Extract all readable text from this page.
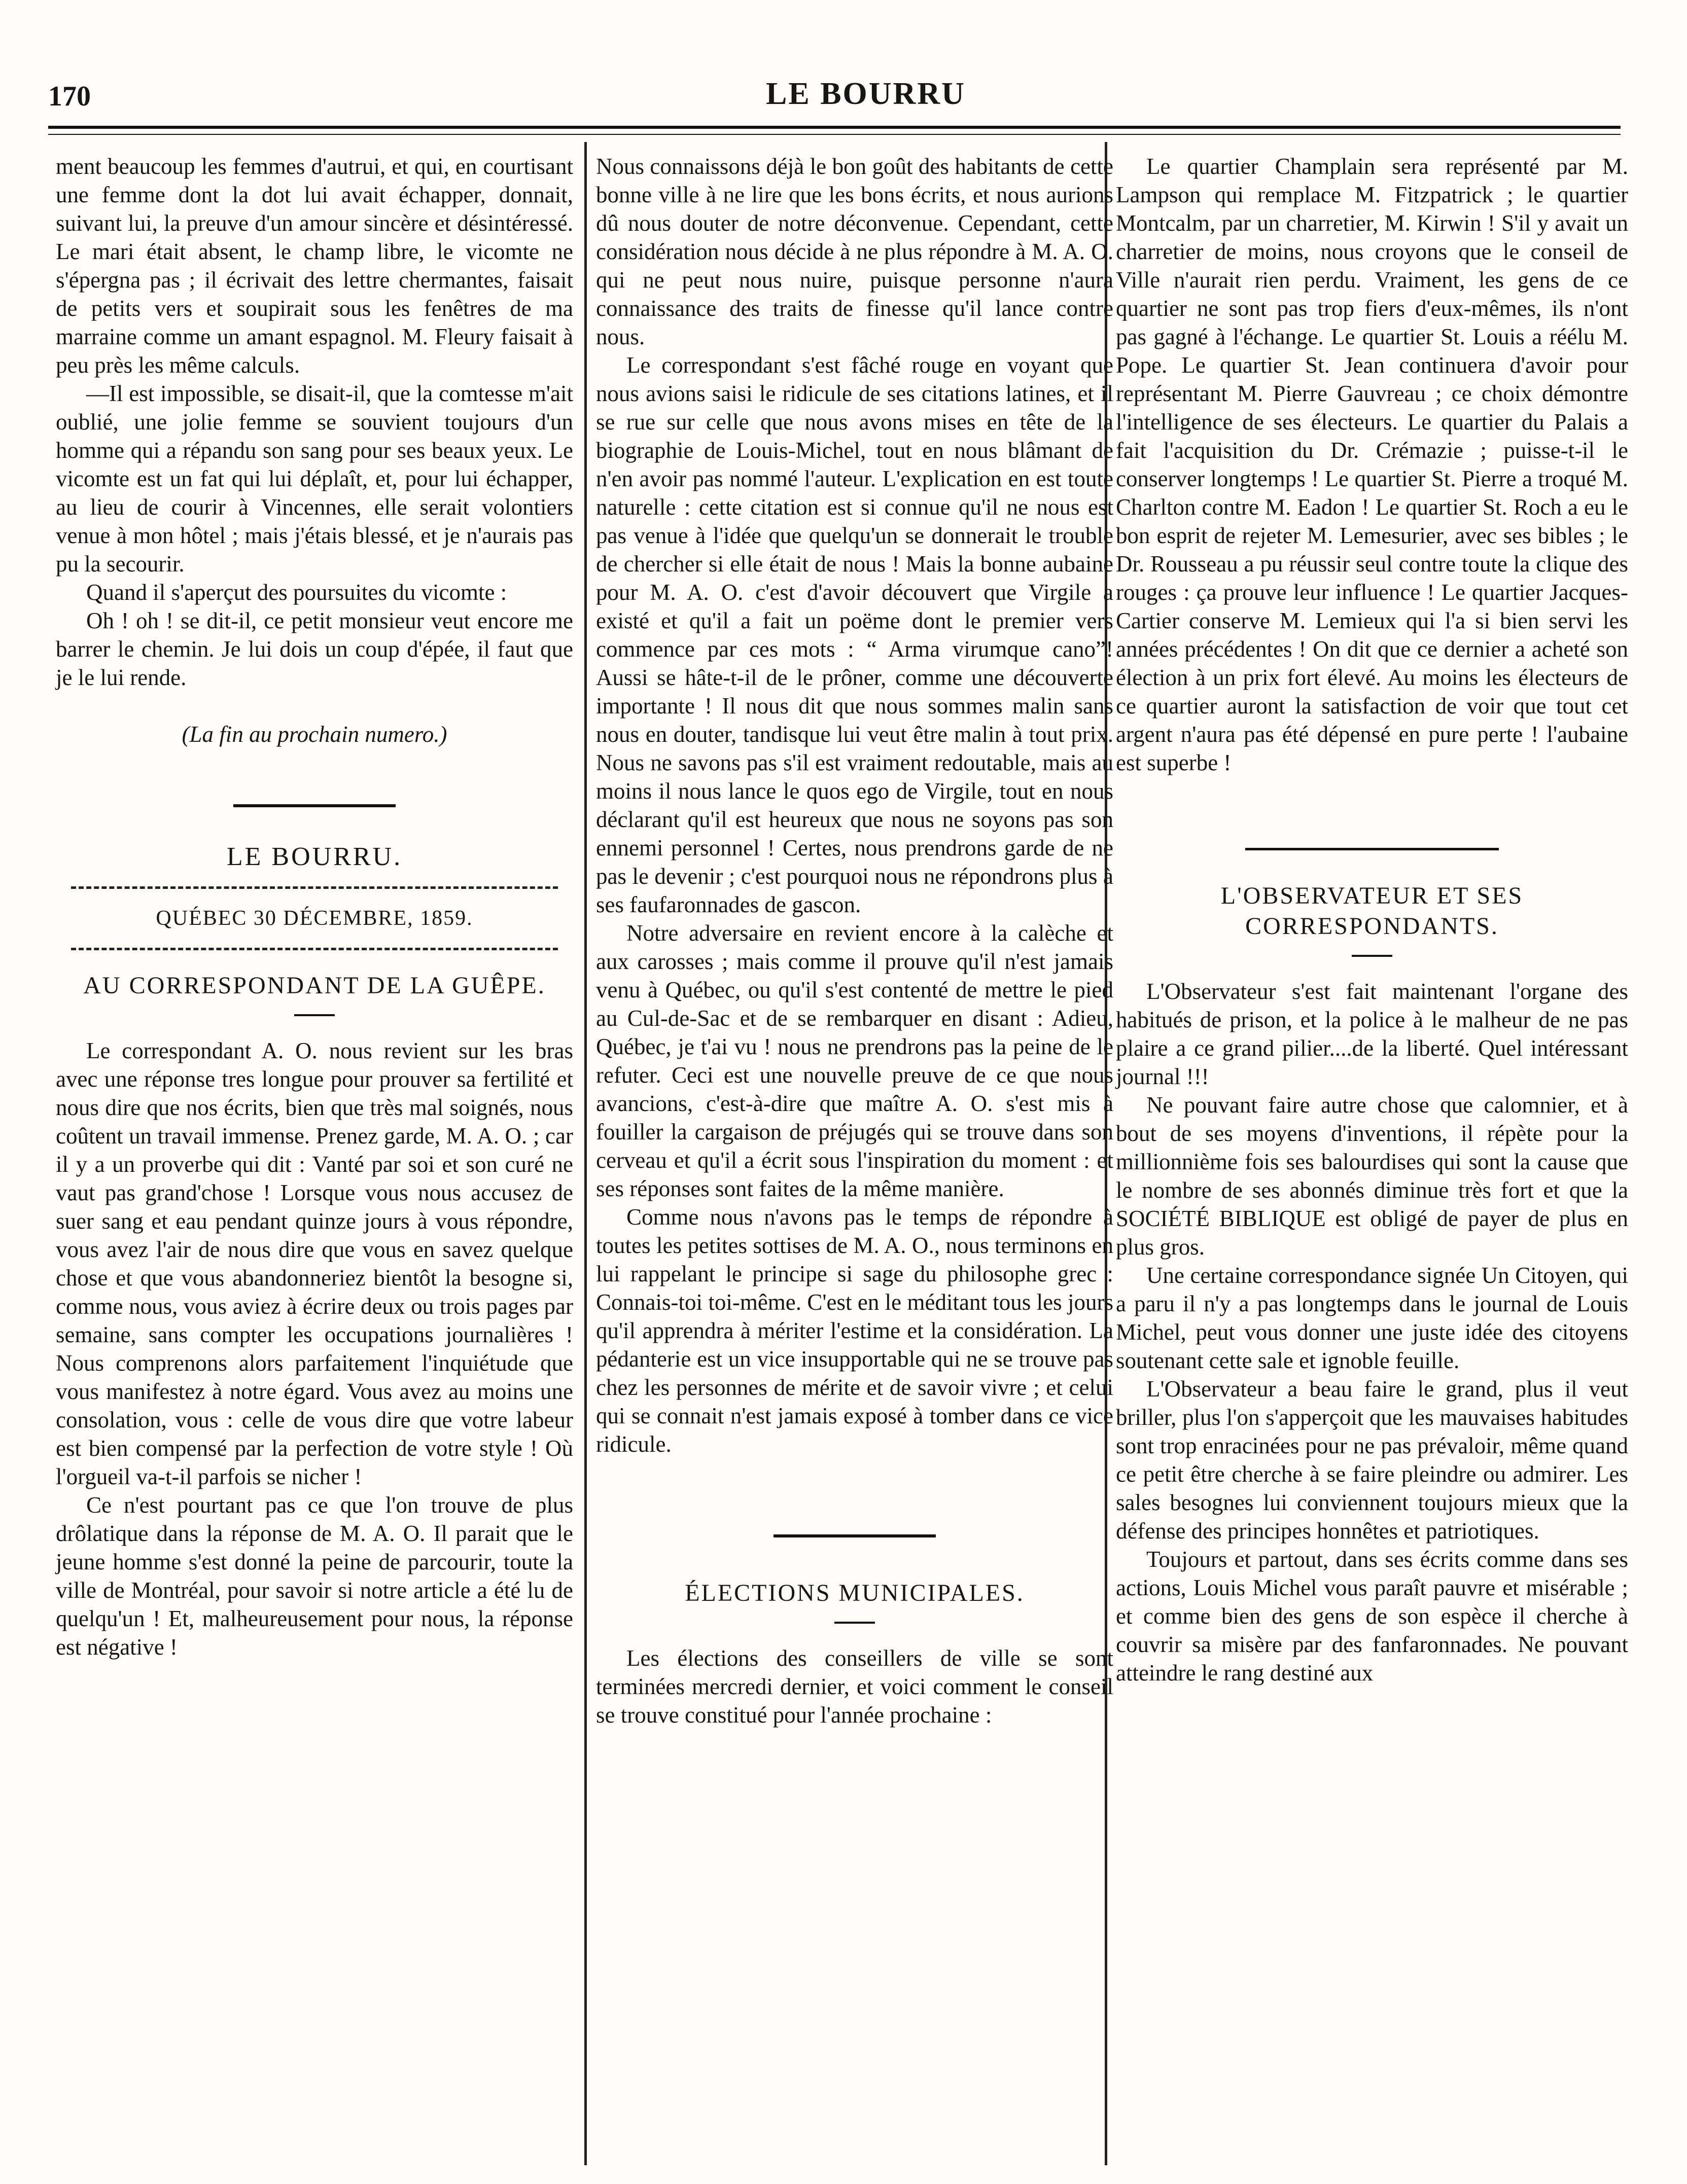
170	LE BOURRU

ment beaucoup les femmes d'autrui, et qui, en courtisant une femme dont la dot lui avait échapper, donnait, suivant lui, la preuve d'un amour sincère et désintéressé. Le mari était absent, le champ libre, le vicomte ne s'épergna pas ; il écrivait des lettre chermantes, faisait de petits vers et soupirait sous les fenêtres de ma marraine comme un amant espagnol. M. Fleury faisait à peu près les même calculs.

—Il est impossible, se disait-il, que la comtesse m'ait oublié, une jolie femme se souvient toujours d'un homme qui a répandu son sang pour ses beaux yeux. Le vicomte est un fat qui lui déplaît, et, pour lui échapper, au lieu de courir à Vincennes, elle serait volontiers venue à mon hôtel ; mais j'étais blessé, et je n'aurais pas pu la secourir.

Quand il s'aperçut des poursuites du vicomte :

Oh ! oh ! se dit-il, ce petit monsieur veut encore me barrer le chemin. Je lui dois un coup d'épée, il faut que je le lui rende.

(La fin au prochain numero.)

LE BOURRU.
QUÉBEC 30 DÉCEMBRE, 1859.
AU CORRESPONDANT DE LA GUÊPE.

Le correspondant A. O. nous revient sur les bras avec une réponse tres longue pour prouver sa fertilité et nous dire que nos écrits, bien que très mal soignés, nous coûtent un travail immense. Prenez garde, M. A. O. ; car il y a un proverbe qui dit : Vanté par soi et son curé ne vaut pas grand'chose ! Lorsque vous nous accusez de suer sang et eau pendant quinze jours à vous répondre, vous avez l'air de nous dire que vous en savez quelque chose et que vous abandonneriez bientôt la besogne si, comme nous, vous aviez à écrire deux ou trois pages par semaine, sans compter les occupations journalières ! Nous comprenons alors parfaitement l'inquiétude que vous manifestez à notre égard. Vous avez au moins une consolation, vous : celle de vous dire que votre labeur est bien compensé par la perfection de votre style ! Où l'orgueil va-t-il parfois se nicher !

Ce n'est pourtant pas ce que l'on trouve de plus drôlatique dans la réponse de M. A. O. Il parait que le jeune homme s'est donné la peine de parcourir, toute la ville de Montréal, pour savoir si notre article a été lu de quelqu'un ! Et, malheureusement pour nous, la réponse est négative !

Nous connaissons déjà le bon goût des habitants de cette bonne ville à ne lire que les bons écrits, et nous aurions dû nous douter de notre déconvenue. Cependant, cette considération nous décide à ne plus répondre à M. A. O. qui ne peut nous nuire, puisque personne n'aura connaissance des traits de finesse qu'il lance contre nous.

Le correspondant s'est fâché rouge en voyant que nous avions saisi le ridicule de ses citations latines, et il se rue sur celle que nous avons mises en tête de la biographie de Louis-Michel, tout en nous blâmant de n'en avoir pas nommé l'auteur. L'explication en est toute naturelle : cette citation est si connue qu'il ne nous est pas venue à l'idée que quelqu'un se donnerait le trouble de chercher si elle était de nous ! Mais la bonne aubaine pour M. A. O. c'est d'avoir découvert que Virgile a existé et qu'il a fait un poëme dont le premier vers commence par ces mots : “ Arma virumque cano”! Aussi se hâte-t-il de le prôner, comme une découverte importante ! Il nous dit que nous sommes malin sans nous en douter, tandisque lui veut être malin à tout prix. Nous ne savons pas s'il est vraiment redoutable, mais au moins il nous lance le quos ego de Virgile, tout en nous déclarant qu'il est heureux que nous ne soyons pas son ennemi personnel ! Certes, nous prendrons garde de ne pas le devenir ; c'est pourquoi nous ne répondrons plus à ses faufaronnades de gascon.

Notre adversaire en revient encore à la calèche et aux carosses ; mais comme il prouve qu'il n'est jamais venu à Québec, ou qu'il s'est contenté de mettre le pied au Cul-de-Sac et de se rembarquer en disant : Adieu, Québec, je t'ai vu ! nous ne prendrons pas la peine de le refuter. Ceci est une nouvelle preuve de ce que nous avancions, c'est-à-dire que maître A. O. s'est mis à fouiller la cargaison de préjugés qui se trouve dans son cerveau et qu'il a écrit sous l'inspiration du moment : et ses réponses sont faites de la même manière.

Comme nous n'avons pas le temps de répondre à toutes les petites sottises de M. A. O., nous terminons en lui rappelant le principe si sage du philosophe grec : Connais-toi toi-même. C'est en le méditant tous les jours qu'il apprendra à mériter l'estime et la considération. La pédanterie est un vice insupportable qui ne se trouve pas chez les personnes de mérite et de savoir vivre ; et celui qui se connait n'est jamais exposé à tomber dans ce vice ridicule.

ÉLECTIONS MUNICIPALES.

Les élections des conseillers de ville se sont terminées mercredi dernier, et voici comment le conseil se trouve constitué pour l'année prochaine :

Le quartier Champlain sera représenté par M. Lampson qui remplace M. Fitzpatrick ; le quartier Montcalm, par un charretier, M. Kirwin ! S'il y avait un charretier de moins, nous croyons que le conseil de Ville n'aurait rien perdu. Vraiment, les gens de ce quartier ne sont pas trop fiers d'eux-mêmes, ils n'ont pas gagné à l'échange. Le quartier St. Louis a réélu M. Pope. Le quartier St. Jean continuera d'avoir pour représentant M. Pierre Gauvreau ; ce choix démontre l'intelligence de ses électeurs. Le quartier du Palais a fait l'acquisition du Dr. Crémazie ; puisse-t-il le conserver longtemps ! Le quartier St. Pierre a troqué M. Charlton contre M. Eadon ! Le quartier St. Roch a eu le bon esprit de rejeter M. Lemesurier, avec ses bibles ; le Dr. Rousseau a pu réussir seul contre toute la clique des rouges : ça prouve leur influence ! Le quartier Jacques-Cartier conserve M. Lemieux qui l'a si bien servi les années précédentes ! On dit que ce dernier a acheté son élection à un prix fort élevé. Au moins les électeurs de ce quartier auront la satisfaction de voir que tout cet argent n'aura pas été dépensé en pure perte ! l'aubaine est superbe !

L'OBSERVATEUR ET SES CORRESPONDANTS.

L'Observateur s'est fait maintenant l'organe des habitués de prison, et la police à le malheur de ne pas plaire a ce grand pilier....de la liberté. Quel intéressant journal !!!

Ne pouvant faire autre chose que calomnier, et à bout de ses moyens d'inventions, il répète pour la millionnième fois ses balourdises qui sont la cause que le nombre de ses abonnés diminue très fort et que la SOCIÉTÉ BIBLIQUE est obligé de payer de plus en plus gros.

Une certaine correspondance signée Un Citoyen, qui a paru il n'y a pas longtemps dans le journal de Louis Michel, peut vous donner une juste idée des citoyens soutenant cette sale et ignoble feuille.

L'Observateur a beau faire le grand, plus il veut briller, plus l'on s'apperçoit que les mauvaises habitudes sont trop enracinées pour ne pas prévaloir, même quand ce petit être cherche à se faire pleindre ou admirer. Les sales besognes lui conviennent toujours mieux que la défense des principes honnêtes et patriotiques.

Toujours et partout, dans ses écrits comme dans ses actions, Louis Michel vous paraît pauvre et misérable ; et comme bien des gens de son espèce il cherche à couvrir sa misère par des fanfaronnades. Ne pouvant atteindre le rang destiné aux
